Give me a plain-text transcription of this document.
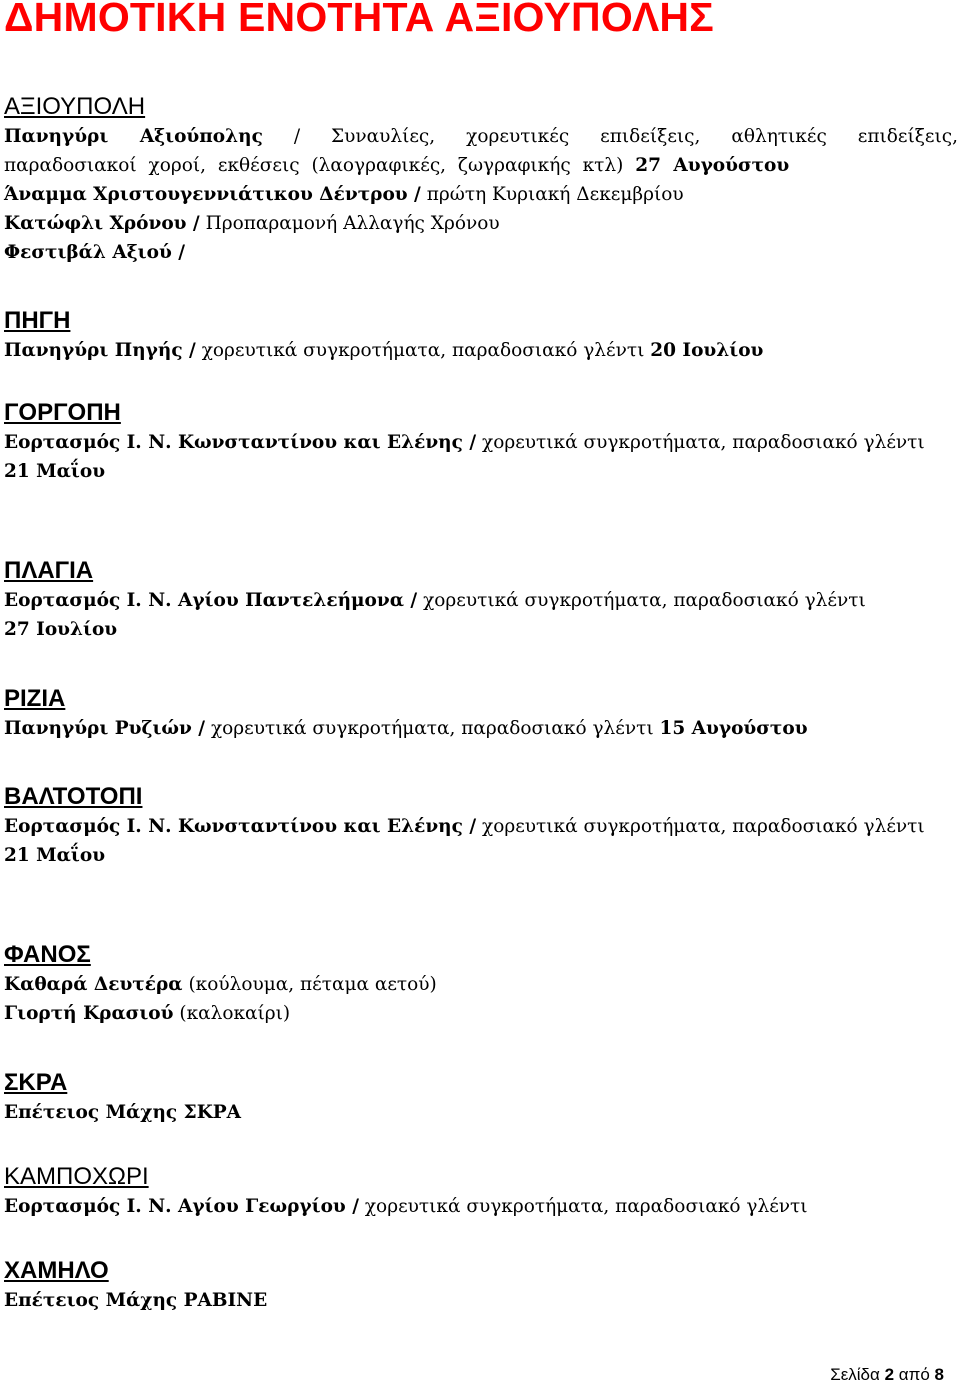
ΔΗΜΟΤΙΚΗ ΕΝΟΤΗΤΑ ΑΞΙΟΥΠΟΛΗΣ
ΑΞΙΟΥΠΟΛΗ
Πανηγύρι Αξιούπολης / Συναυλίες, χορευτικές επιδείξεις, αθλητικές επιδείξεις, παραδοσιακοί χοροί, εκθέσεις (λαογραφικές, ζωγραφικής κτλ) 27 Αυγούστου
Άναμμα Χριστουγεννιάτικου Δέντρου / πρώτη Κυριακή Δεκεμβρίου
Κατώφλι Χρόνου / Προπαραμονή Αλλαγής Χρόνου
Φεστιβάλ Αξιού /
ΠΗΓΗ
Πανηγύρι Πηγής / χορευτικά συγκροτήματα, παραδοσιακό γλέντι 20 Ιουλίου
ΓΟΡΓΟΠΗ
Εορτασμός Ι. Ν. Κωνσταντίνου και Ελένης / χορευτικά συγκροτήματα, παραδοσιακό γλέντι
21 Μαΐου
ΠΛΑΓΙΑ
Εορτασμός Ι. Ν. Αγίου Παντελεήμονα / χορευτικά συγκροτήματα, παραδοσιακό γλέντι
27 Ιουλίου
ΡΙΖΙΑ
Πανηγύρι Ρυζιών / χορευτικά συγκροτήματα, παραδοσιακό γλέντι 15 Αυγούστου
ΒΑΛΤΟΤΟΠΙ
Εορτασμός Ι. Ν. Κωνσταντίνου και Ελένης / χορευτικά συγκροτήματα, παραδοσιακό γλέντι
21 Μαΐου
ΦΑΝΟΣ
Καθαρά Δευτέρα (κούλουμα, πέταμα αετού)
Γιορτή Κρασιού (καλοκαίρι)
ΣΚΡΑ
Επέτειος Μάχης ΣΚΡΑ
ΚΑΜΠΟΧΩΡΙ
Εορτασμός Ι. Ν. Αγίου Γεωργίου / χορευτικά συγκροτήματα, παραδοσιακό γλέντι
ΧΑΜΗΛΟ
Επέτειος Μάχης ΡΑΒΙΝΕ
Σελίδα 2 από 8
